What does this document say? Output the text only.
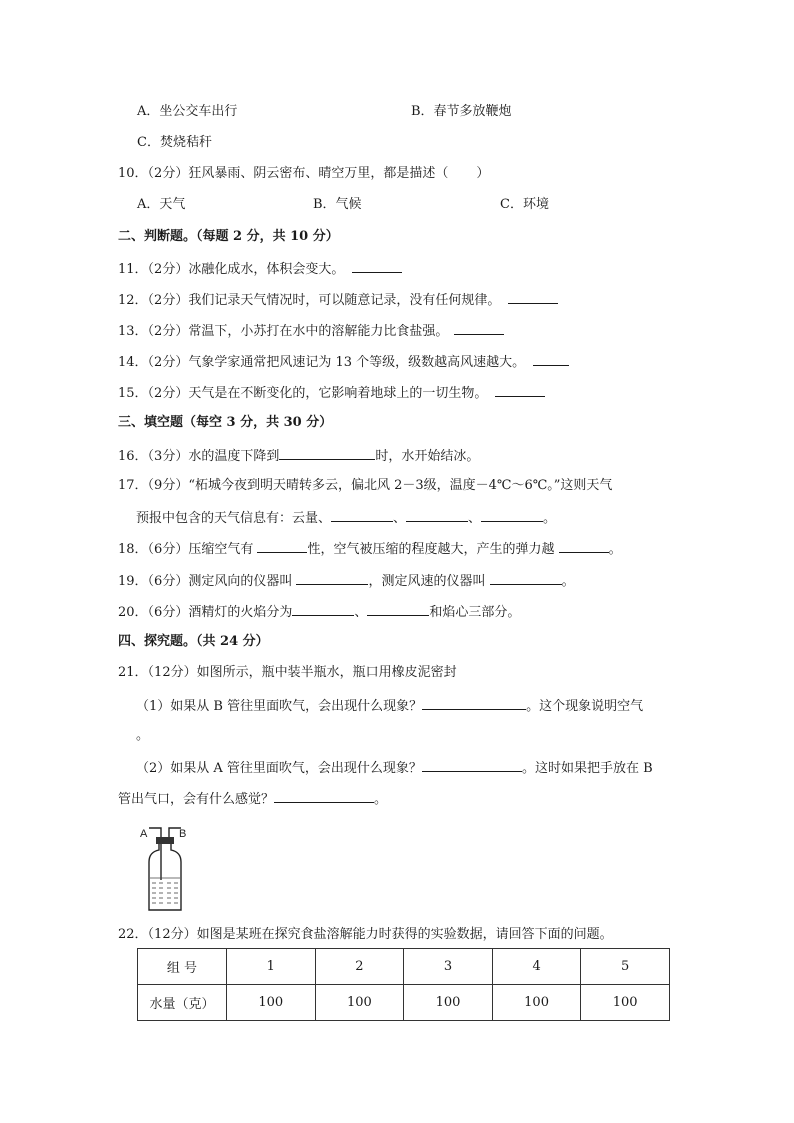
A．坐公交车出行	B．春节多放鞭炮
C．焚烧秸秆
10．（2分）狂风暴雨、阴云密布、晴空万里，都是描述（ ）
A．天气	B．气候	C．环境
二、判断题。（每题 2 分，共 10 分）
11．（2分）冰融化成水，体积会变大。
12．（2分）我们记录天气情况时，可以随意记录，没有任何规律。
13．（2分）常温下，小苏打在水中的溶解能力比食盐强。
14．（2分）气象学家通常把风速记为 13 个等级，级数越高风速越大。
15．（2分）天气是在不断变化的，它影响着地球上的一切生物。
三、填空题（每空 3 分，共 30 分）
16．（3分）水的温度下降到	时，水开始结冰。
17．（9分）“柘城今夜到明天晴转多云，偏北风 2－3级，温度－4℃～6℃。”这则天气
预报中包含的天气信息有：云量、	、	、	。
18．（6分）压缩空气有	性，空气被压缩的程度越大，产生的弹力越	。
19．（6分）测定风向的仪器叫	，测定风速的仪器叫	。
20．（6分）酒精灯的火焰分为	、	和焰心三部分。
四、探究题。（共 24 分）
21．（12分）如图所示，瓶中装半瓶水，瓶口用橡皮泥密封
（1）如果从 B 管往里面吹气，会出现什么现象？	。这个现象说明空气
。
（2）如果从 A 管往里面吹气，会出现什么现象？	。这时如果把手放在 B
管出气口，会有什么感觉？	。
A	B
22．（12分）如图是某班在探究食盐溶解能力时获得的实验数据，请回答下面的问题。
组 号	1	2	3	4	5
水量（克）	100	100	100	100	100
